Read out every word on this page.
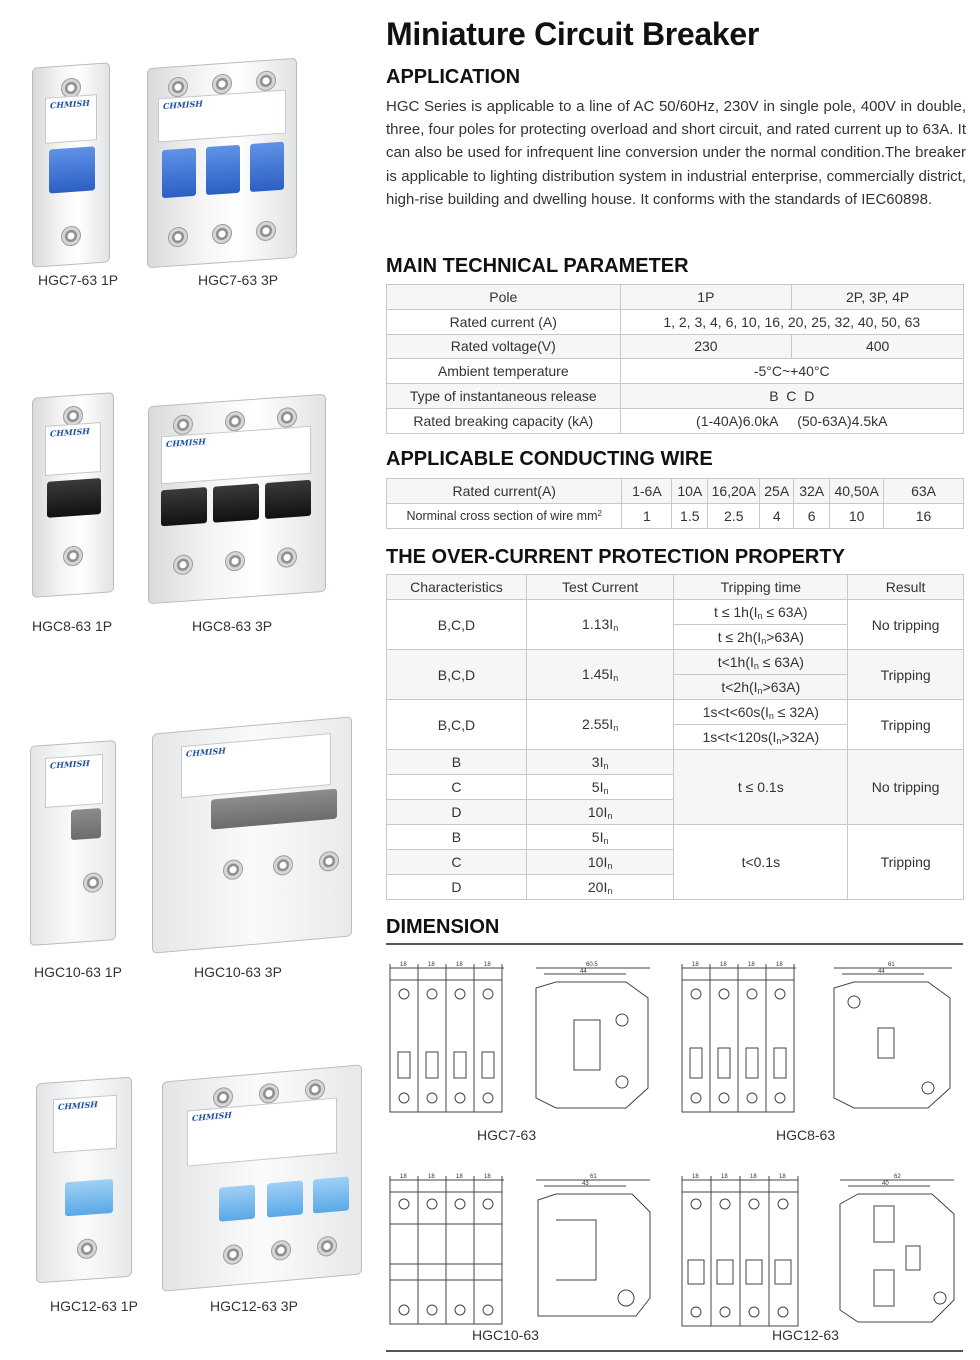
CHMISH
HGC7-63 1P
CHMISH
HGC7-63 3P
CHMISH
HGC8-63 1P
CHMISH
HGC8-63 3P
CHMISH
HGC10-63 1P
CHMISH
HGC10-63 3P
CHMISH
HGC12-63 1P
CHMISH
HGC12-63 3P
Miniature Circuit Breaker
APPLICATION
HGC Series is applicable to a line of AC 50/60Hz, 230V in single pole, 400V in double, three, four poles for protecting overload and short circuit, and rated current up to 63A. It can also be used for infrequent line conversion under the normal condition.The breaker is applicable to lighting distribution system in industrial enterprise, commercially district, high-rise building and dwelling house. It conforms with the standards of IEC60898.
MAIN TECHNICAL PARAMETER
Pole	1P	2P, 3P, 4P
Rated current (A)	1, 2, 3, 4, 6, 10, 16, 20, 25, 32, 40, 50, 63	
Rated voltage(V)	230	400
Ambient temperature	-5°C~+40°C	
Type of instantaneous release	B  C  D	
Rated breaking capacity (kA)	(1-40A)6.0kA     (50-63A)4.5kA	
APPLICABLE CONDUCTING WIRE
Rated current(A)	1-6A	10A	16,20A	25A	32A	40,50A	63A
Norminal cross section of wire $mm^2$	1	1.5	2.5	4	6	10	16
THE OVER-CURRENT PROTECTION PROPERTY
Characteristics	Test Current	Tripping time	Result
B,C,D	$1.13I_n$	$t \le 1h(I_n \le 63A)$	No tripping
		$t \le 2h(I_n>63A)$	
B,C,D	$1.45I_n$	$t<1h(I_n \le 63A)$	Tripping
		$t<2h(I_n>63A)$	
B,C,D	$2.55I_n$	$1s<t<60s(I_n \le 32A)$	Tripping
		$1s<t<120s(I_n>32A)$	
B	$3I_n$	t ≤ 0.1s	No tripping
C	$5I_n$
D	$10I_n$
B	$5I_n$	t<0.1s	Tripping
C	$10I_n$
D	$20I_n$
DIMENSION
18	18	18	18	60.5
44
HGC7-63
18	18	18	18	61
44
HGC8-63
18	18	18	18	61
43
HGC10-63
18	18	18	18	62
40
HGC12-63
